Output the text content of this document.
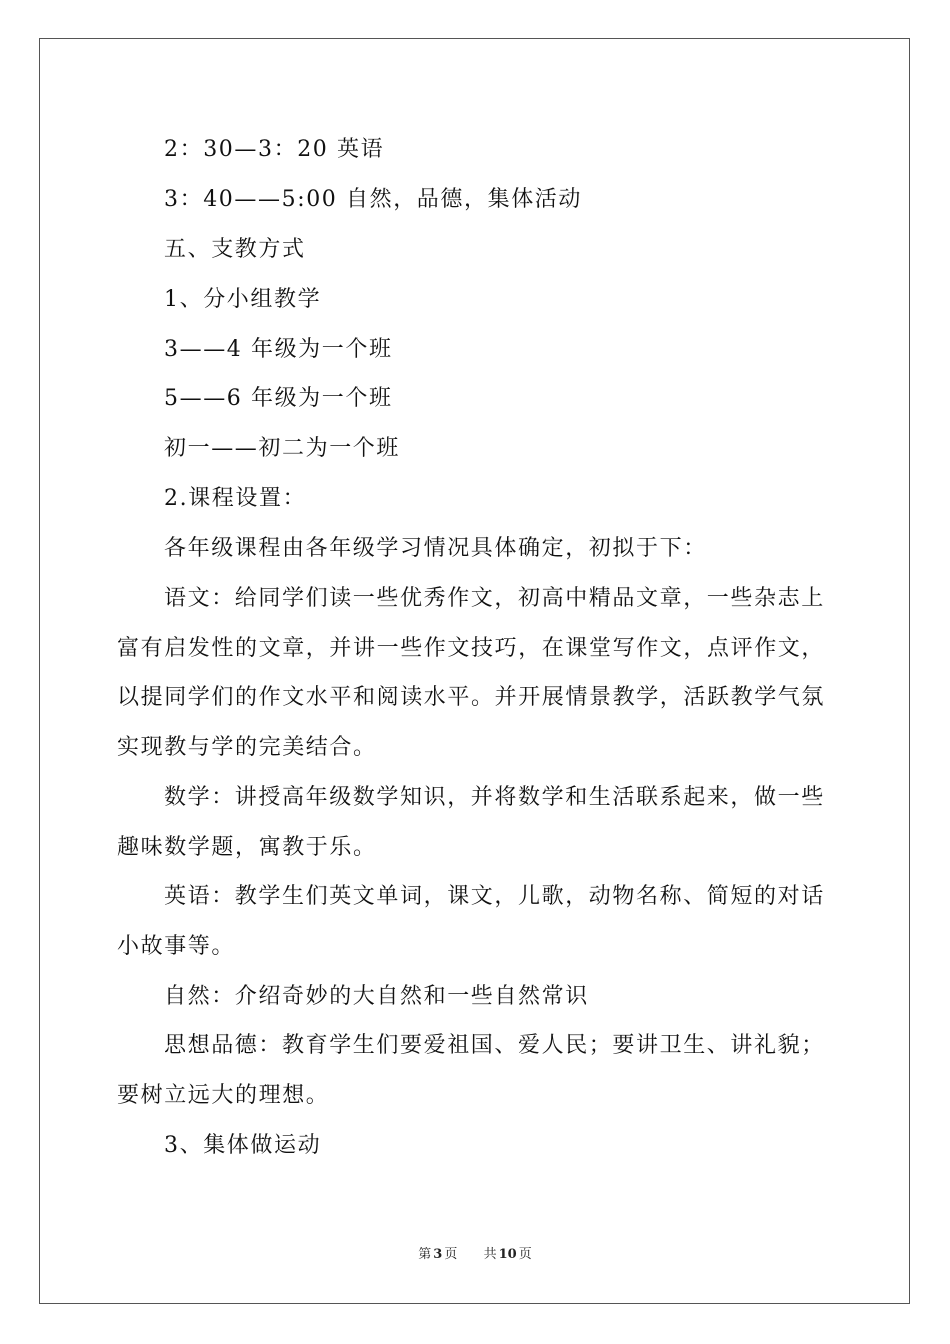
2：30—3：20 英语
3：40——5:00 自然，品德，集体活动
五、支教方式
1、分小组教学
3——4 年级为一个班
5——6 年级为一个班
初一——初二为一个班
2.课程设置：
各年级课程由各年级学习情况具体确定，初拟于下：
语文：给同学们读一些优秀作文，初高中精品文章，一些杂志上
富有启发性的文章，并讲一些作文技巧，在课堂写作文，点评作文，
以提同学们的作文水平和阅读水平。并开展情景教学，活跃教学气氛
实现教与学的完美结合。
数学：讲授高年级数学知识，并将数学和生活联系起来，做一些
趣味数学题，寓教于乐。
英语：教学生们英文单词，课文，儿歌，动物名称、简短的对话
小故事等。
自然：介绍奇妙的大自然和一些自然常识
思想品德：教育学生们要爱祖国、爱人民；要讲卫生、讲礼貌；
要树立远大的理想。
3、集体做运动
第 3 页 共 10 页
